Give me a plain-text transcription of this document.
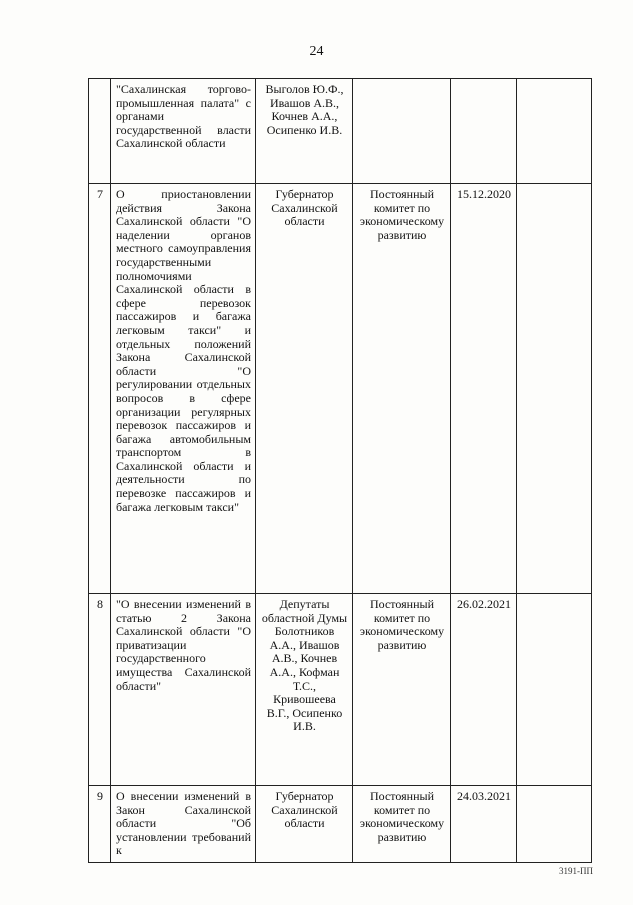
24
	"Сахалинская торгово-промышленная палата" с органами государственной власти Сахалинской области	Выголов Ю.Ф., Ивашов А.В., Кочнев А.А., Осипенко И.В.			
7	О приостановлении действия Закона Сахалинской области "О наделении органов местного самоуправления государственными полномочиями Сахалинской области в сфере перевозок пассажиров и багажа легковым такси" и отдельных положений Закона Сахалинской области "О регулировании отдельных вопросов в сфере организации регулярных перевозок пассажиров и багажа автомобильным транспортом в Сахалинской области и деятельности по перевозке пассажиров и багажа легковым такси"	Губернатор Сахалинской области	Постоянный комитет по экономическому развитию	15.12.2020	
8	"О внесении изменений в статью 2 Закона Сахалинской области "О приватизации государственного имущества Сахалинской области"	Депутаты областной Думы Болотников А.А., Ивашов А.В., Кочнев А.А., Кофман Т.С., Кривошеева В.Г., Осипенко И.В.	Постоянный комитет по экономическому развитию	26.02.2021	
9	О внесении изменений в Закон Сахалинской области "Об установлении требований к	Губернатор Сахалинской области	Постоянный комитет по экономическому развитию	24.03.2021	
3191-ПП
